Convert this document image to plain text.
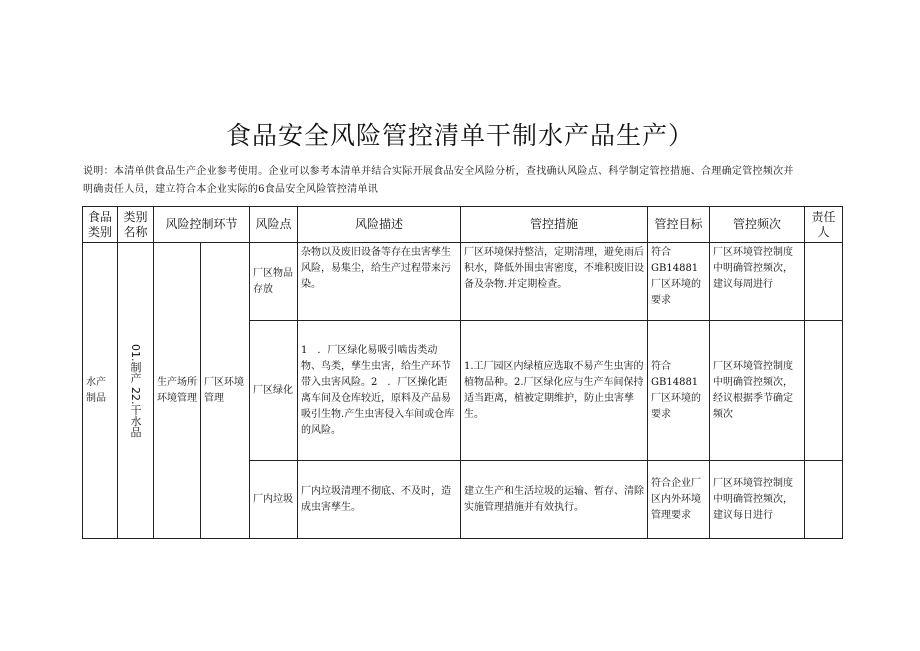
食品安全风险管控清单干制水产品生产）
说明：本清单供食品生产企业参考使用。企业可以参考本清单并结合实际开展食品安全风险分析，查找确认风险点、科学制定管控措施、合理确定管控频次并
明确责任人员，建立符合本企业实际的6食品安全风险管控清单讯
食品类别	类别名称	风险控制环节		风险点	风险描述	管控措施	管控目标	管控频次	责任人
水产制品	01.制产 22.干水品	生产场所环境管理	厂区环境管理	厂区物品存放	杂物以及废旧设备等存在虫害孳生风险，易集尘，给生产过程带来污染。	厂区环境保持整洁，定期清理，避免雨后积水，降低外围虫害密度，不堆积废旧设备及杂物.并定期检查。	符合GB14881厂区环境的要求	厂区环境管控制度中明确管控频次，建议每周进行	
				厂区绿化	1　．厂区绿化易吸引啮齿类动物、鸟类，孳生虫害，给生产环节带入虫害风险。2　．厂区操化距离车间及仓库较近，原料及产品易吸引生物.产生虫害侵入车间或仓库的风险。	1.工厂园区内绿植应选取不易产生虫害的植物品种。2.厂区绿化应与生产车间保持适当距离，植被定期维护，防止虫害孳生。	符合GB14881厂区环境的要求	厂区环境管控制度中明确管控频次，经议根据季节确定频次	
				厂内垃圾	厂内垃圾清理不彻底、不及时，造成虫害孳生。	建立生产和生活垃圾的运输、暂存、清除实施管理措施并有效执行。	符合企业厂区内外环境管理要求	厂区环境管控制度中明确管控频次，建议每日进行	
